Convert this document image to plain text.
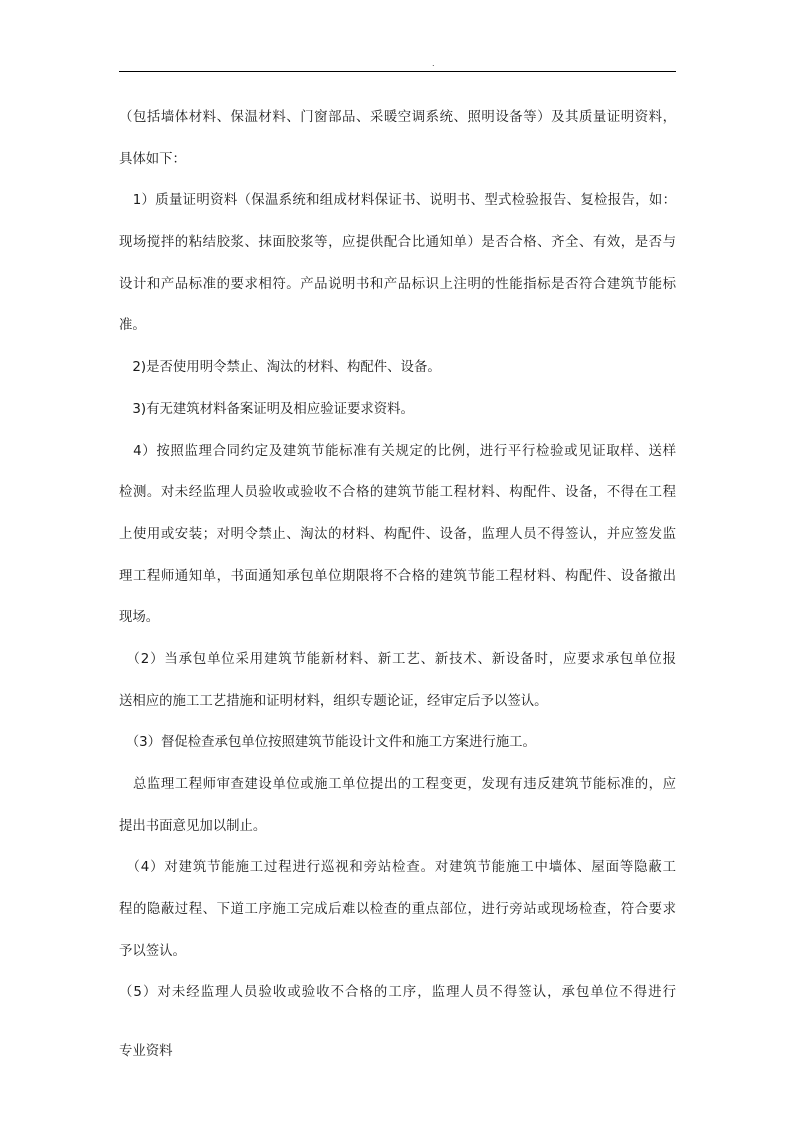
.
（包括墙体材料、保温材料、门窗部品、采暖空调系统、照明设备等）及其质量证明资料，
具体如下：
　1）质量证明资料（保温系统和组成材料保证书、说明书、型式检验报告、复检报告，如：
现场搅拌的粘结胶浆、抹面胶浆等，应提供配合比通知单）是否合格、齐全、有效，是否与
设计和产品标准的要求相符。产品说明书和产品标识上注明的性能指标是否符合建筑节能标
准。
　2)是否使用明令禁止、淘汰的材料、构配件、设备。
　3)有无建筑材料备案证明及相应验证要求资料。
　4）按照监理合同约定及建筑节能标准有关规定的比例，进行平行检验或见证取样、送样
检测。对未经监理人员验收或验收不合格的建筑节能工程材料、构配件、设备，不得在工程
上使用或安装；对明令禁止、淘汰的材料、构配件、设备，监理人员不得签认，并应签发监
理工程师通知单，书面通知承包单位期限将不合格的建筑节能工程材料、构配件、设备撤出
现场。
　（2）当承包单位采用建筑节能新材料、新工艺、新技术、新设备时，应要求承包单位报
送相应的施工工艺措施和证明材料，组织专题论证，经审定后予以签认。
　（3）督促检查承包单位按照建筑节能设计文件和施工方案进行施工。
　总监理工程师审查建设单位或施工单位提出的工程变更，发现有违反建筑节能标准的，应
提出书面意见加以制止。
　（4）对建筑节能施工过程进行巡视和旁站检查。对建筑节能施工中墙体、屋面等隐蔽工
程的隐蔽过程、下道工序施工完成后难以检查的重点部位，进行旁站或现场检查，符合要求
予以签认。
（5）对未经监理人员验收或验收不合格的工序，监理人员不得签认，承包单位不得进行
专业资料
